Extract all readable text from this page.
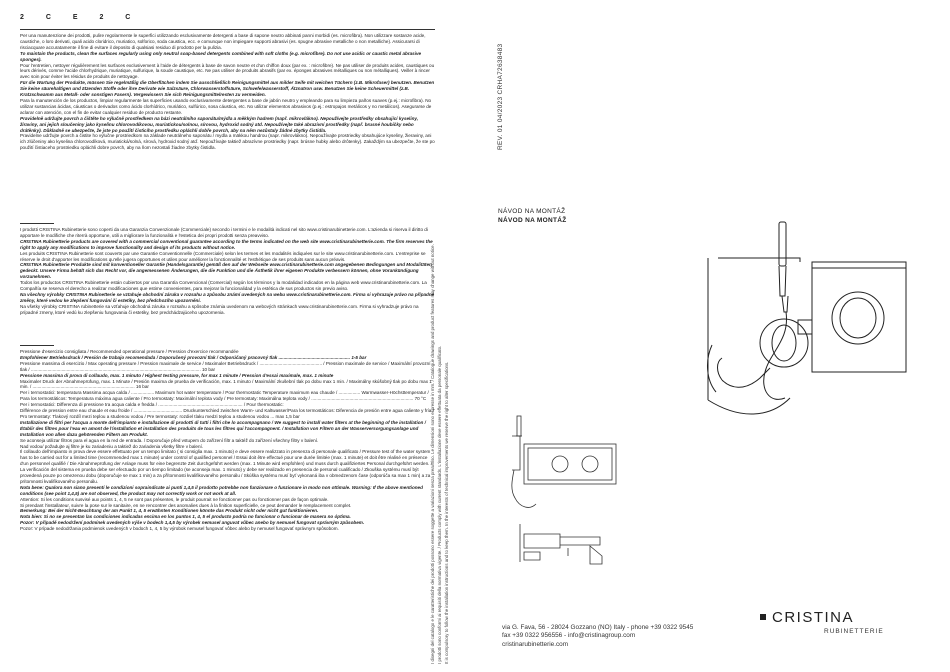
2 C E 2 C

Per una manutenzione dei prodotti, pulire regolarmente le superfici utilizzando esclusivamente detergenti a base di sapone neutro abbinati panni morbidi (es. microfibra). Non utilizzare sostanze acide, caustiche, o loro derivati, quali acido cloridrico, muriatico, solforico, soda caustica, ecc. e comunque non impiegare supporti abrasivi (es. spugne abrasive metalliche o non metalliche). Assicurarsi di risciacquare accuratamente il fine di evitare il deposito di qualsiasi residuo di prodotto per la pulizia.

To maintain the products, clean the surfaces regularly using only neutral soap-based detergents combined with soft cloths (e.g. microfibre). Do not use acidic or caustic metal abrasive sponges).

Pour l'entretien, nettoyer régulièrement les surfaces exclusivement à l'aide de détergents à base de savon neutre et d'un chiffon doux (par ex. : microfibre). Ne pas utiliser de produits acides, caustiques ou leurs dérivés, comme l'acide chlorhydrique, muriatique, sulfurique, la soude caustique, etc. Ne pas utiliser de produits abrasifs (par ex. éponges abrasives métalliques ou non métalliques). Veiller à rincer avec soin pour éviter les résidus de produits de nettoyage.

Für die Wartung der Produkte, müssen Sie regelmäßig die Oberflächen indem Sie ausschließlich Reinigungsmittel aus milder Seife mit weichen Tüchern (z.B. Mikrofaser) benutzen. Benutzen Sie keine säurehaltigen und ätzenden Stoffe oder ihre Derivate wie Salzsäure, Chlorwasserstoffsäure, Schwefelwasserstoff, Ätznatron usw. Benutzen Sie keine Scheuermittel (z.B. Kratzschwamm aus Metall- oder sonstigen Fasern). Vergewissern Sie sich Reinigungsmittelresten zu vermeiden.

Para la manutención de los productos, limpiar regularmente las superficies usando exclusivamente detergentes a base de jabón neutro y empleando para su limpieza paños suaves (p.ej.: microfibra). No utilizar sustancias ácidas, cáusticas o derivados como ácido clorhídrico, muriático, sulfúrico, sosa cáustica, etc. No utilizar elementos abrasivos (p.ej.: estropajos metálicos y no metálicos). Asegurarse de aclarar con atención, con el fin de evitar cualquier residuo de producto restante.

Pravidelně udržujte povrch a čištěte ho výlučně prostředkem na bázi neutrálního saponátu/mýdla a měkkým hadrem (např. mikrovlákno). Nepoužívejte prostředky obsahující kyseliny, žíraviny, ani jejich sloučeniny jako kyselinu chlorovodíkovou, muriatickou/solnou, sírovou, hydroxid sodný atd. Nepoužívejte také abrazivní prostředky (např. brusné houbičky nebo drátěnky). Důkladně se ubezpečte, že jste po použití čisticího prostředku opláchli dobře povrch, aby na něm nezůstaly žádné zbytky čistidla.

Pravidelne udržujte povrch a čistite ho výlučne prostriedkom na základe neutrálneho saponátu / mydla a mäkkou handrou (napr. mikrovlákno). Nepoužívajte prostriedky obsahujúce kyseliny, žieraviny, ani ich zlúčeniny ako kyselina chlorovodíková, muriatická/solná, sírová, hydroxid sodný atď. Nepoužívajte taktiež abrazívne prostriedky (napr. brúsne hubky alebo drôtenky). Zakaždým sa ubezpečte, že ste po použití čistiaceho prostriedku opláchli dobre povrch, aby na ňom nezostali žiadne zbytky čistidla.

I prodotti CRISTINA Rubinetterie sono coperti da una Garanzia Convenzionale (Commerciale) secondo i termini e le modalità indicati nel sito www.cristinarubinetterie.com. L'azienda si riserva il diritto di apportare le modifiche che riterrà opportune, utili a migliorare la funzionalità e l'estetica dei propri prodotti senza preavviso.

CRISTINA Rubinetterie products are covered with a commercial conventional guarantee according to the terms indicated on the web site www.cristinarubinetterie.com. The firm reserves the right to apply any modifications to improve functionality and design of its products without notice.

Les produits CRISTINA Rubinetterie sont couverts par une Garantie Conventionnelle (Commerciale) selon les termes et les modalités indiquées sur le site www.cristinarubinetterie.com. L'entreprise se réserve le droit d'apporter les modifications qu'elle jugera opportunes et utiles pour améliorer la fonctionnalité et l'esthétique de ses produits sans aucun préavis.

CRISTINA Rubinetterie Produkte sind mit konventioneller Garantie (Handelsgarantie) gemäß den auf der Webseite www.cristinarubinetterie.com angegebenen Bedingungen und Modalitäten gedeckt. Unsere Firma behält sich das Recht vor, die angemessenen Änderungen, die die Funktion und die Ästhetik ihrer eigenen Produkte verbessern können, ohne Vorankündigung vorzunehmen.

Todos los productos CRISTINA Rubinetterie están cubiertos por una Garantía Convencional (Comercial) según los términos y la modalidad indicados en la página web www.cristinarubinetterie.com. La Compañía se reserva el derecho a realizar modificaciones que estime convenientes, para mejorar la funcionalidad y la estética de sus productos sin previo aviso.

Na všechny výrobky CRISTINA Rubinetterie se vztahuje obchodní záruka v rozsahu a způsobu známí uvedených na webu www.cristinarubinetterie.com. Firma si vyhrazuje právo na případné změny, které vedou ke zlepšení fungování či estetiky, bez předchozího upozornění.

Na všetky výrobky CRISTINA rubinetterie sa vzťahuje obchodná záruka v rozsahu a spôsobe známia uvedenom na webových stránkach www.cristinarubinetterie.com. Firma si vyhradzuje právo na prípadné zmeny, ktoré vedú ku zlepšeniu fungovania či estetiky, bez predchádzajúceho upozornenia.

Pressione d'esercizio consigliata / Recommended operational pressure / Pression d'exercice recommandée

Empfohlener Betriebsdruck / Presión de trabajo recomendada / Doporučený provozní tlak / Odporúčaný pracovný tlak ........................................................ 1-5 bar

Pressione massima di esercizio / Max operating pressure / Pression maximale de service / Maximaler Betriebsdruck / ................................................. / Pression maximale de service / Maximální provozní tlak / ..................................................................................................................................... 10 bar

Pressione massima di prova di collaudo, max. 1 minuto / Highest testing pressure, for max 1 minute / Pression d'essai maximale, max. 1 minute

Maximaler Druck der Abnahmeprüfung, max. 1 Minute / Presión maxima de prueba de verificación, max. 1 minuto / Maximální zkušební tlak po dobu max 1 min. / Maximálny skúšobný tlak po dobu max 1 min. / ................................................................................ 16 bar

Per i termostatici: temperatura Massima acqua calda / .................. Maximum hot water temperature / Pour thermostatic Temperature maximum eau chaude / ................. Warmwasser-Höchsttemperatur / Para los termostáticos: Temperatura máxima agua caliente / Pro termostaty: Maximální teplota vody / Pre termostaty: Maximálna teplota vody / ................................................................................ 70 °C

Per i termostatici: Differenza di pressione tra acqua calda e fredda / .................................................................. / Pour thermostatic:

Différence de pression entre eau chaude et eau froide / ...................................... Druckunterschied zwischen Warm- und Kaltwasser/Para los termostáticos: Diferencia de presión entre agua caliente y fría / Pro termostaty: Tlakový rozdíl mezi teplou a studenou vodou / Pre termostaty: rozdiel tlaku medzi teplou a studenou vodou ... max 1,5 bar

Installazione di filtri per l'acqua a monte dell'impianto e installazione di prodotti di tutti i filtri che lo accompagnano / We suggest to install water filters at the beginning of the installation / Établir des filtres pour l'eau en amont de l'installation et installation des produits de tous les filtres qui l'accompagnent. / Installation von Filtern an der Wasserversorgungsanlage und Installation von allen dazu gehörenden Filtern am Produkt.

Se aconseja utilizar filtros para el agua en la red de entrada. / Doporučuje před vstupem do zařízení filtr a taktéž do zařízení všechny filtry v balení.

Nad vodou/ požadujte aj filtre je ku zariadeniu a taktiež do zariadenia všetky filtre v balení.

Il collaudo dell'impianto in prova deve essere effettuato per un tempo limitato ( si consiglia max. 1 minuto) e deve essere realizzato in presenza di personale qualificato / Pressure test of the water system has to be carried out for a limited time (recommended max 1 minute) under control of qualified personnel / Essai doit être effectué pour une durée limitée (max. 1 minute) et doit être réalisé en présence d'un personnel qualifié / Die Abnahmeprüfung der Anlage muss für eine begrenzte Zeit durchgeführt werden (max. 1 Minute wird empfohlen) und muss durch qualifiziertes Personal durchgeführt werden. / La verificación del sistema en prueba debe ser efectuado por un tiempo limitado (se aconseja max. 1 minuto) y debe ser realizado en presencia de personal cualificado / Zkouška systému musí být provedená pouze po omezenou dobu (doporučuje se max 1 min) a za přítomnosti kvalifikovaného personálu / Skúška systému musí byť vykonaná iba v obmedzenom čase (odporúča sa max 1 min) a za prítomnosti kvalifikovaného personálu.

Nota bene: Qualora non siano presenti le condizioni sopraindicate ai punti 1,4,5 il prodotto potrebbe non funzionare o funzionare in modo non ottimale. Warning: If the above mentioned conditions (see point 1,4,5) are not observed, the product may not correctly work or not work at all.

Attention: Si les conditions susvisé aux points 1, 4, 5 ne sont pas présentes, le produit pourrait ne fonctionner pas ou fonctionner pas de façon optimale.

Si prendant l'installateur, suivre la pose sur le sanitaire, en ne rencontrer des anomalies dues à la finition superficielle, ce peut demander le remplacement complet.

Bemerkung: Bei der Nicht-Beachtung der am Punkt 1, 4, 5 erwähnten Konditionen könnte das Produkt nicht oder nicht gut funktionieren.

Nota bien: Si no se presentan las condiciones indicadas encima en los puntos 1, 4, 5 el producto podría no funcionar o funcionar de manera no óptima.

Pozor: V případě nedodržení podmínek uvedených výše v bodech 1,4,5 by výrobek nemusel anguvat vůbec anebo by nemusel fungovat správným způsobem.

Pozor: V prípade nedodržania podmienok uvedených v bodoch 1, 4, 5 by výrobok nemusel fungovať vôbec alebo by nemusel fungovať správnym spôsobom.	I disegni del catalogo e le caratteristiche dei prodotti possono essere soggette a variazioni senza preavviso. Le dimensioni sono espresse in mm. / Catalogue drawings and product features may change without notice. I prodotti sono conformi ai requisiti della normativa vigente. / Products comply with current standards. L'installazione deve essere effettuata da personale qualificato. It is compulsory to follow the installation instructions and to keep them. In the interests of technical improvements we reserve the right to alter specifications.
REV. 01 04/2023 CRHA72638483
NÁVOD NA MONTÁŽ
NÁVOD NA MONTÁŽ
via G. Fava, 56 - 28024 Gozzano (NO) Italy - phone +39 0322 9545
fax +39 0322 956556 - info@cristinagroup.com
cristinarubinetterie.com
CRISTINA
RUBINETTERIE
